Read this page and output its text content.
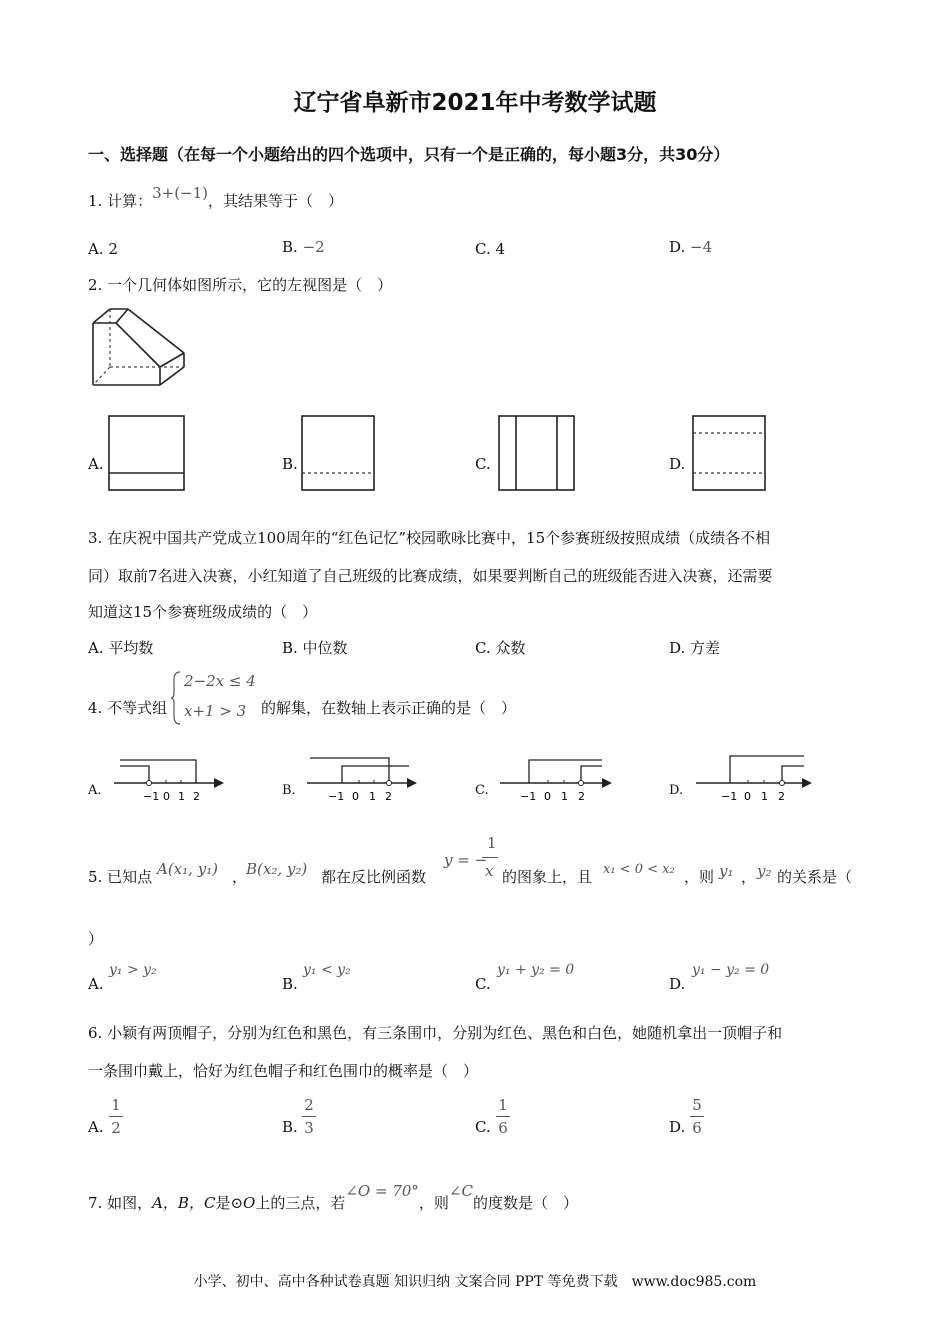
辽宁省阜新市2021年中考数学试题
一、选择题（在每一个小题给出的四个选项中，只有一个是正确的，每小题3分，共30分）
1. 计算：3+(−1)，其结果等于（　）
A. 2	B. −2	C. 4	D. −4
2. 一个几何体如图所示，它的左视图是（　）
A.	B.	C.	D.
3. 在庆祝中国共产党成立100周年的“红色记忆”校园歌咏比赛中，15个参赛班级按照成绩（成绩各不相
同）取前7名进入决赛，小红知道了自己班级的比赛成绩，如果要判断自己的班级能否进入决赛，还需要
知道这15个参赛班级成绩的（　）
A. 平均数	B. 中位数	C. 众数	D. 方差
4. 不等式组
2−2x ≤ 4
x+1 > 3 的解集，在数轴上表示正确的是（　）
A.	−1 0 1 2	B.	−1 0 1 2	C.	−1 0 1 2	D.	−1 0 1 2
5. 已知点 A(x₁, y₁) ，
B(x₂, y₂) 都在反比例函数
y = −
1
x 的图象上，且 x₁ < 0 < x₂ ，则 y₁ ， y₂ 的关系是（
）
A.
y₁ > y₂
B.
y₁ < y₂
C.
y₁ + y₂ = 0
D.
y₁ − y₂ = 0
6. 小颖有两顶帽子，分别为红色和黑色，有三条围巾，分别为红色、黑色和白色，她随机拿出一顶帽子和
一条围巾戴上，恰好为红色帽子和红色围巾的概率是（　）
A. $\frac{1}{2}$	B. $\frac{2}{3}$	C. $\frac{1}{6}$	D. $\frac{5}{6}$
7. 如图，A，B，C是⊙O上的三点，若∠O = 70°，则∠C的度数是（　）
小学、初中、高中各种试卷真题 知识归纳 文案合同 PPT 等免费下载　www.doc985.com
